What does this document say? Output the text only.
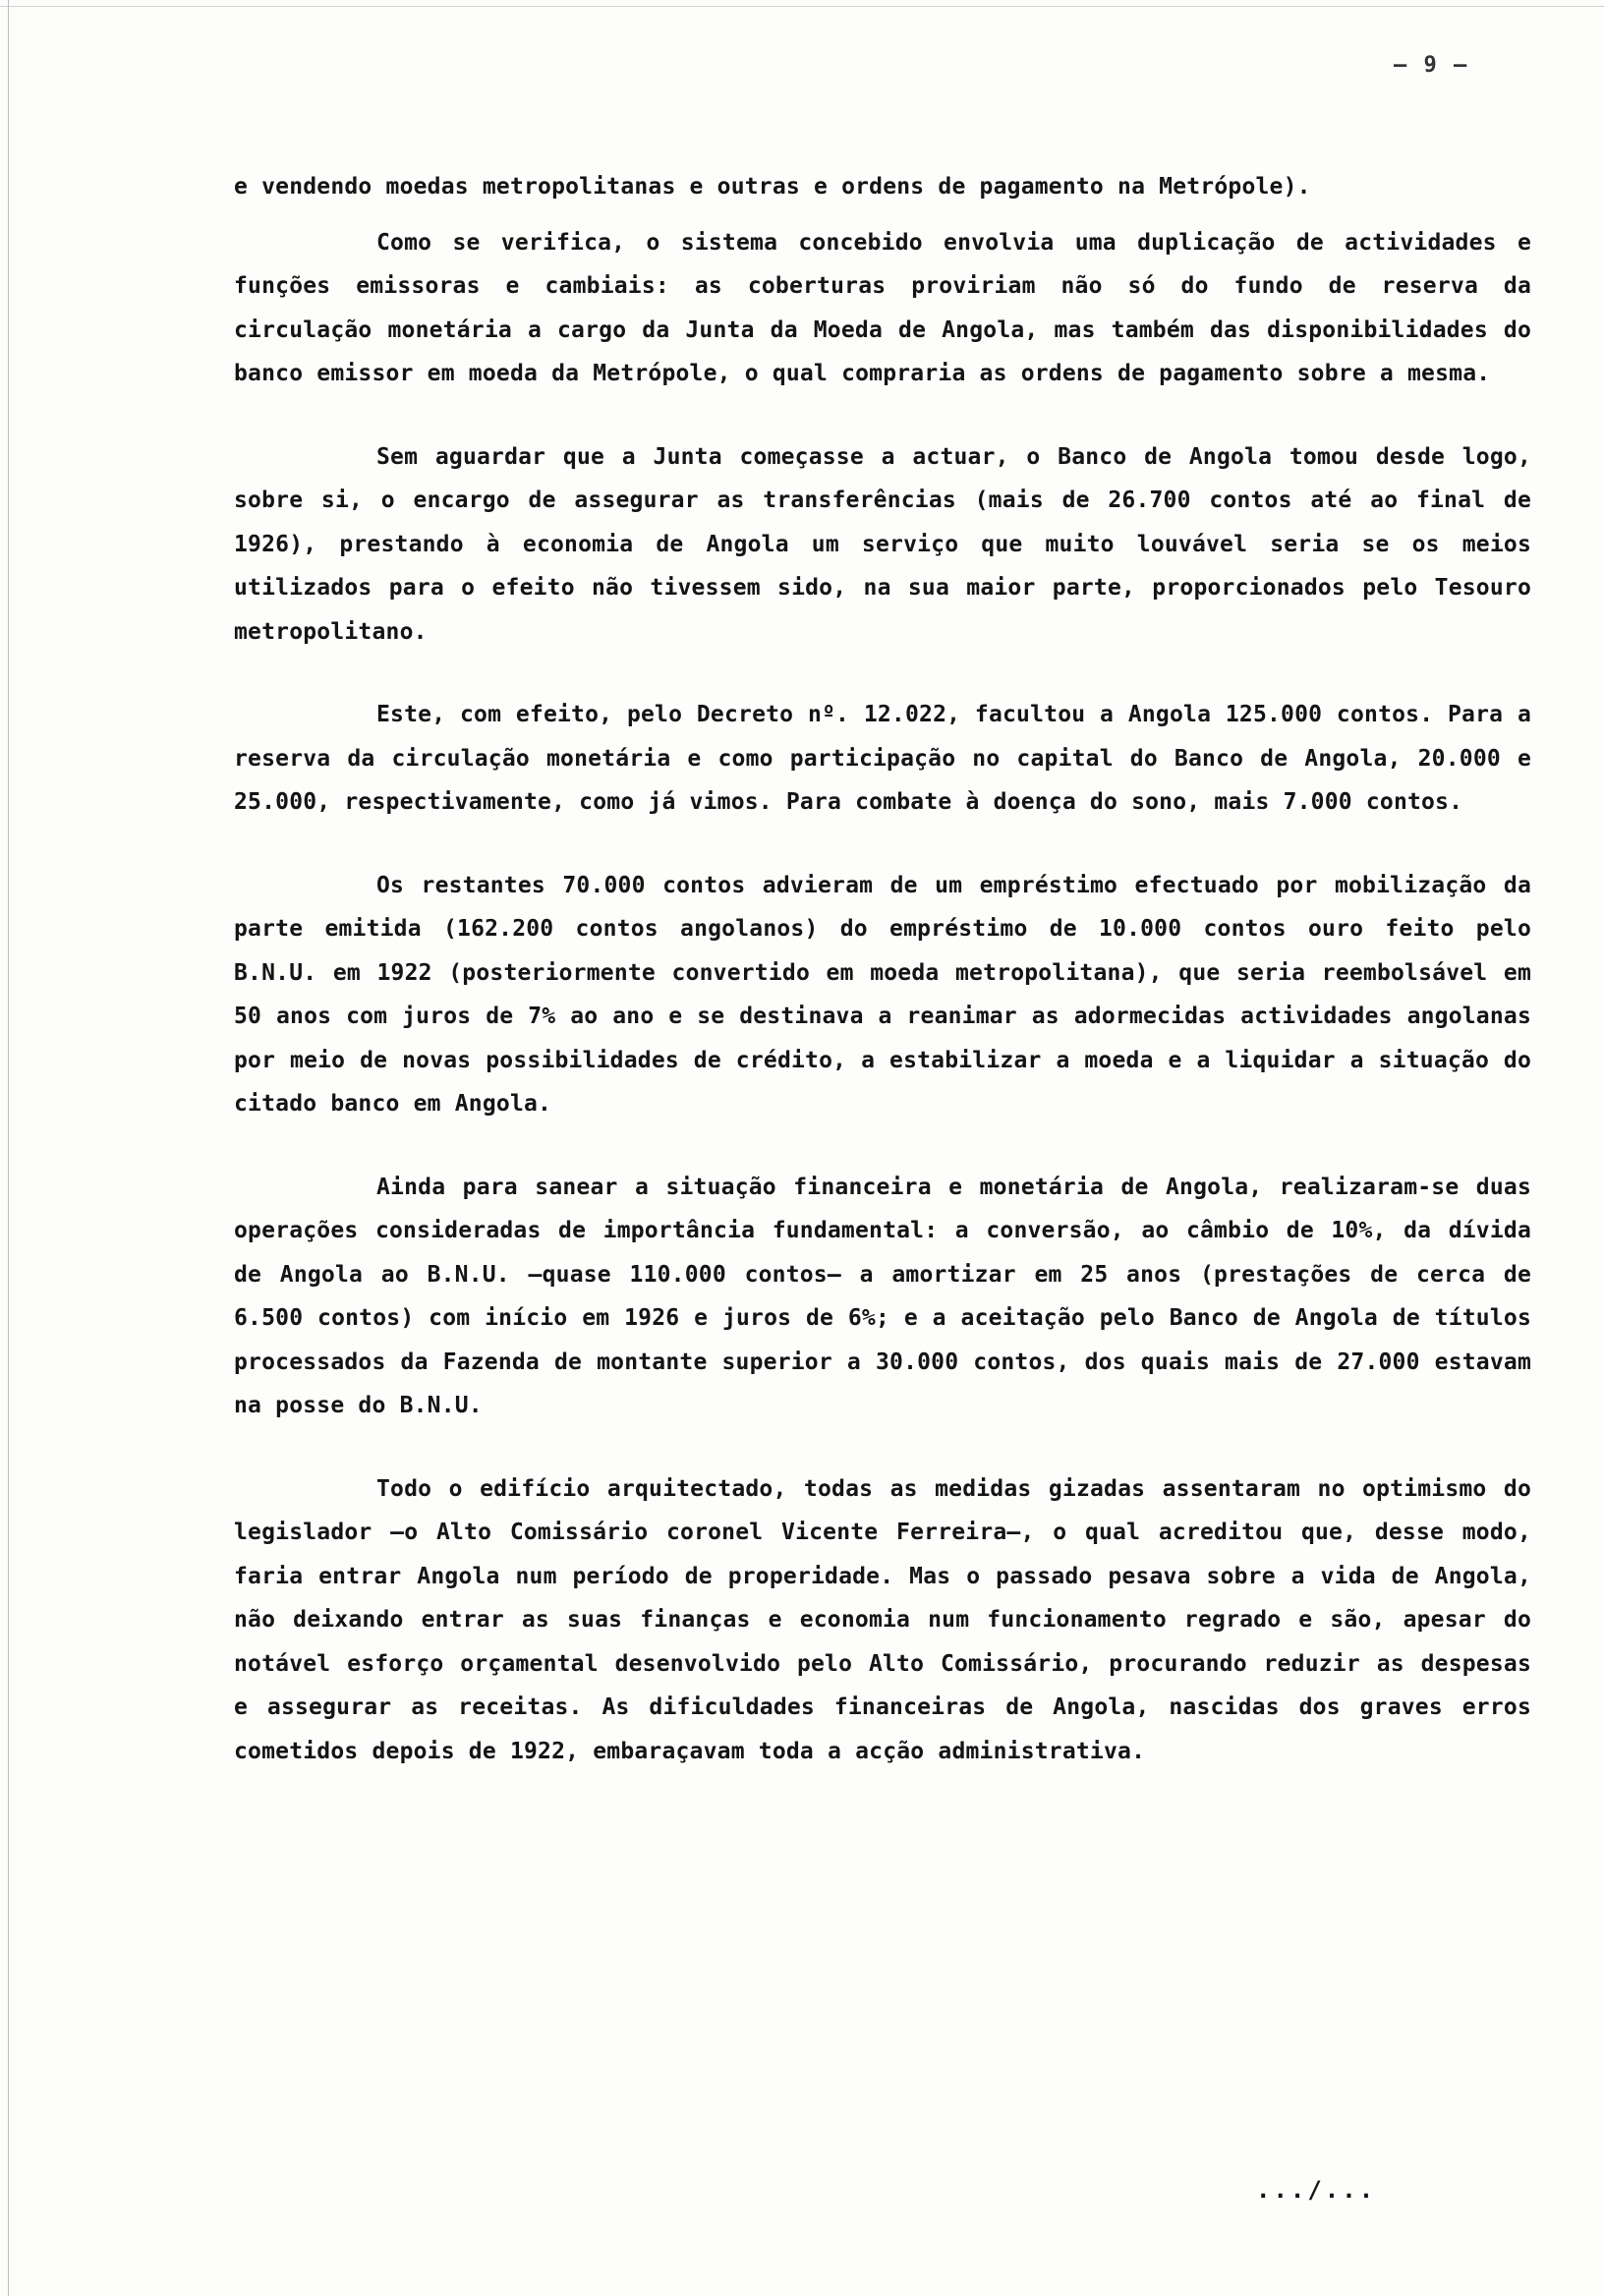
– 9 –

e vendendo moedas metropolitanas e outras e ordens de pagamento na Metrópole).

Como se verifica, o sistema concebido envolvia uma duplicação de actividades e funções emissoras e cambiais: as coberturas proviriam não só do fundo de reserva da circulação monetária a cargo da Junta da Moeda de Angola, mas também das disponibilidades do banco emissor em moeda da Metrópole, o qual compraria as ordens de pagamento sobre a mesma.

Sem aguardar que a Junta começasse a actuar, o Banco de Angola tomou desde logo, sobre si, o encargo de assegurar as transferências (mais de 26.700 contos até ao final de 1926), prestando à economia de Angola um serviço que muito louvável seria se os meios utilizados para o efeito não tivessem sido, na sua maior parte, proporcionados pelo Tesouro metropolitano.

Este, com efeito, pelo Decreto nº. 12.022, facultou a Angola 125.000 contos. Para a reserva da circulação monetária e como participação no capital do Banco de Angola, 20.000 e 25.000, respectivamente, como já vimos. Para combate à doença do sono, mais 7.000 contos.

Os restantes 70.000 contos advieram de um empréstimo efectuado por mobilização da parte emitida (162.200 contos angolanos) do empréstimo de 10.000 contos ouro feito pelo B.N.U. em 1922 (posteriormente convertido em moeda metropolitana), que seria reembolsável em 50 anos com juros de 7% ao ano e se destinava a reanimar as adormecidas actividades angolanas por meio de novas possibilidades de crédito, a estabilizar a moeda e a liquidar a situação do citado banco em Angola.

Ainda para sanear a situação financeira e monetária de Angola, realizaram-se duas operações consideradas de importância fundamental: a conversão, ao câmbio de 10%, da dívida de Angola ao B.N.U. –quase 110.000 contos– a amortizar em 25 anos (prestações de cerca de 6.500 contos) com início em 1926 e juros de 6%; e a aceitação pelo Banco de Angola de títulos processados da Fazenda de montante superior a 30.000 contos, dos quais mais de 27.000 estavam na posse do B.N.U.

Todo o edifício arquitectado, todas as medidas gizadas assentaram no optimismo do legislador –o Alto Comissário coronel Vicente Ferreira–, o qual acreditou que, desse modo, faria entrar Angola num período de properidade. Mas o passado pesava sobre a vida de Angola, não deixando entrar as suas finanças e economia num funcionamento regrado e são, apesar do notável esforço orçamental desenvolvido pelo Alto Comissário, procurando reduzir as despesas e assegurar as receitas. As dificuldades financeiras de Angola, nascidas dos graves erros cometidos depois de 1922, embaraçavam toda a acção administrativa.

.../...
